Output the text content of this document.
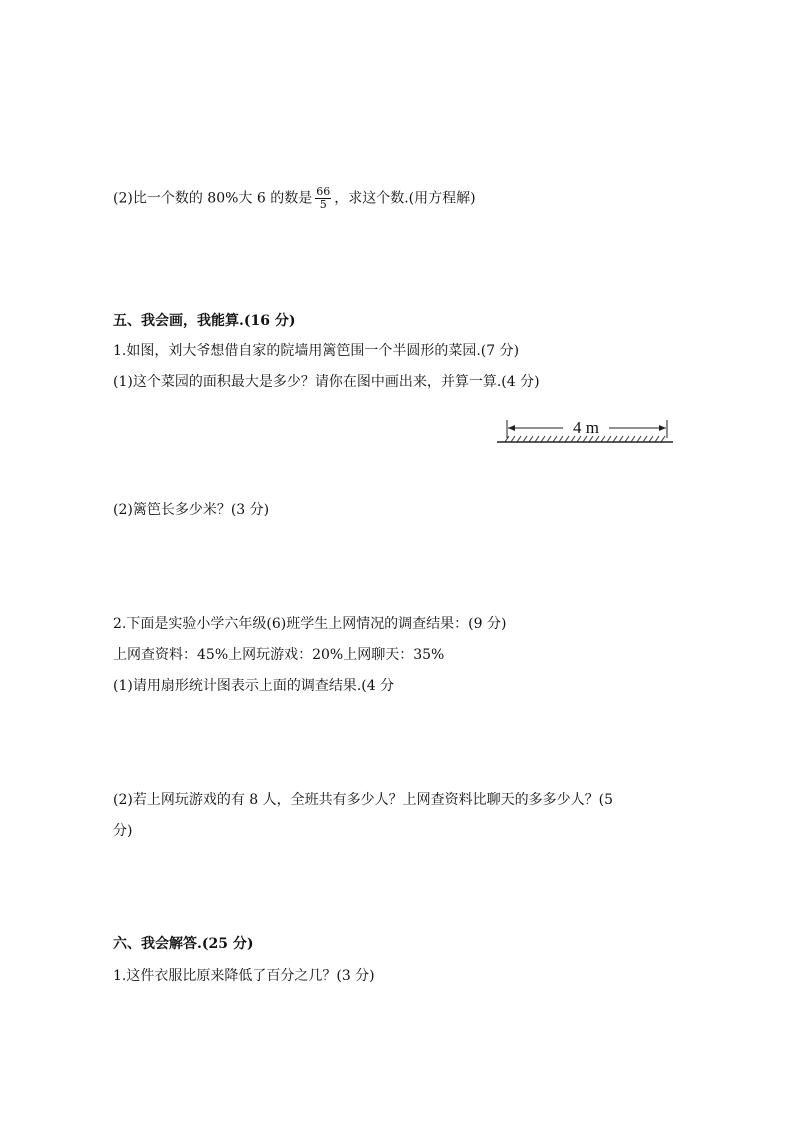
(2)比一个数的 80%大 6 的数是 $\frac{66}{5}$ ，求这个数.(用方程解)
五、我会画，我能算.(16 分)
1.如图，刘大爷想借自家的院墙用篱笆围一个半圆形的菜园.(7 分)
(1)这个菜园的面积最大是多少？请你在图中画出来，并算一算.(4 分)
4 m
(2)篱笆长多少米？(3 分)
2.下面是实验小学六年级(6)班学生上网情况的调查结果：(9 分)
上网查资料：45%上网玩游戏：20%上网聊天：35%
(1)请用扇形统计图表示上面的调查结果.(4 分
(2)若上网玩游戏的有 8 人，全班共有多少人？上网查资料比聊天的多多少人？(5
分)
六、我会解答.(25 分)
1.这件衣服比原来降低了百分之几？(3 分)
